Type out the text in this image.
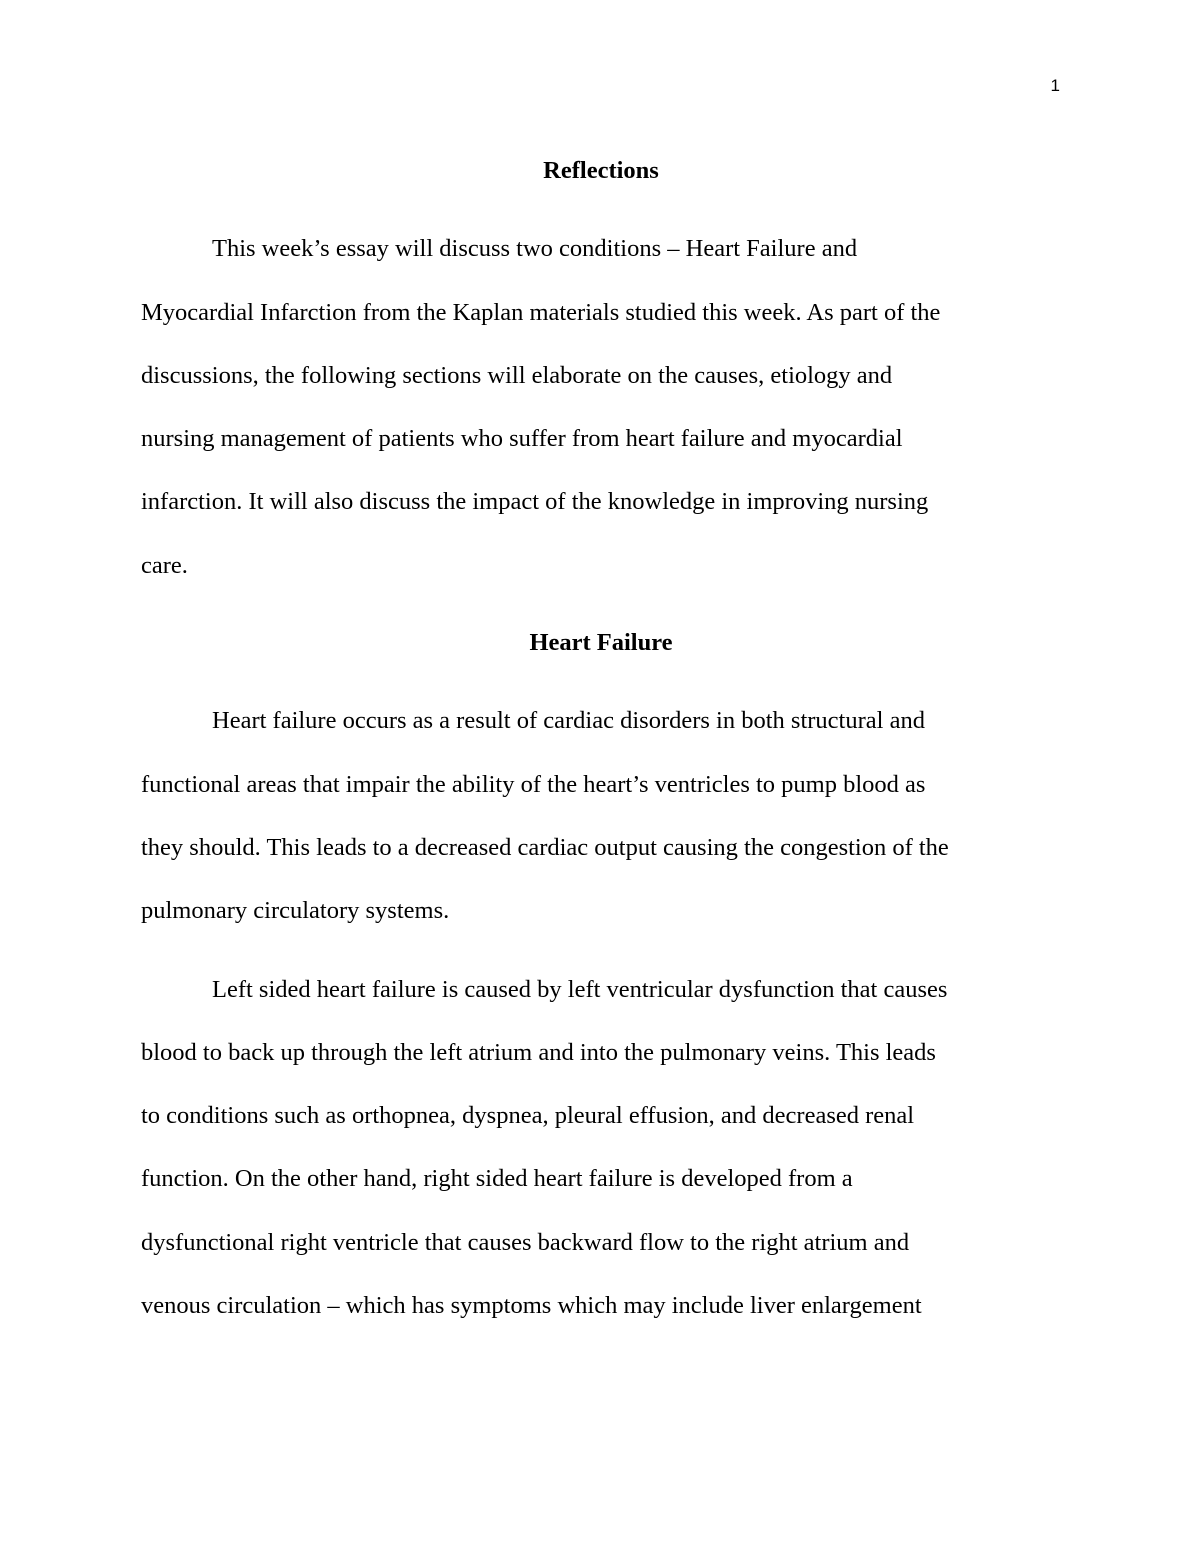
1
Reflections
This week’s essay will discuss two conditions – Heart Failure and
Myocardial Infarction from the Kaplan materials studied this week. As part of the
discussions, the following sections will elaborate on the causes, etiology and
nursing management of patients who suffer from heart failure and myocardial
infarction. It will also discuss the impact of the knowledge in improving nursing
care.
Heart Failure
Heart failure occurs as a result of cardiac disorders in both structural and
functional areas that impair the ability of the heart’s ventricles to pump blood as
they should. This leads to a decreased cardiac output causing the congestion of the
pulmonary circulatory systems.
Left sided heart failure is caused by left ventricular dysfunction that causes
blood to back up through the left atrium and into the pulmonary veins. This leads
to conditions such as orthopnea, dyspnea, pleural effusion, and decreased renal
function. On the other hand, right sided heart failure is developed from a
dysfunctional right ventricle that causes backward flow to the right atrium and
venous circulation – which has symptoms which may include liver enlargement
